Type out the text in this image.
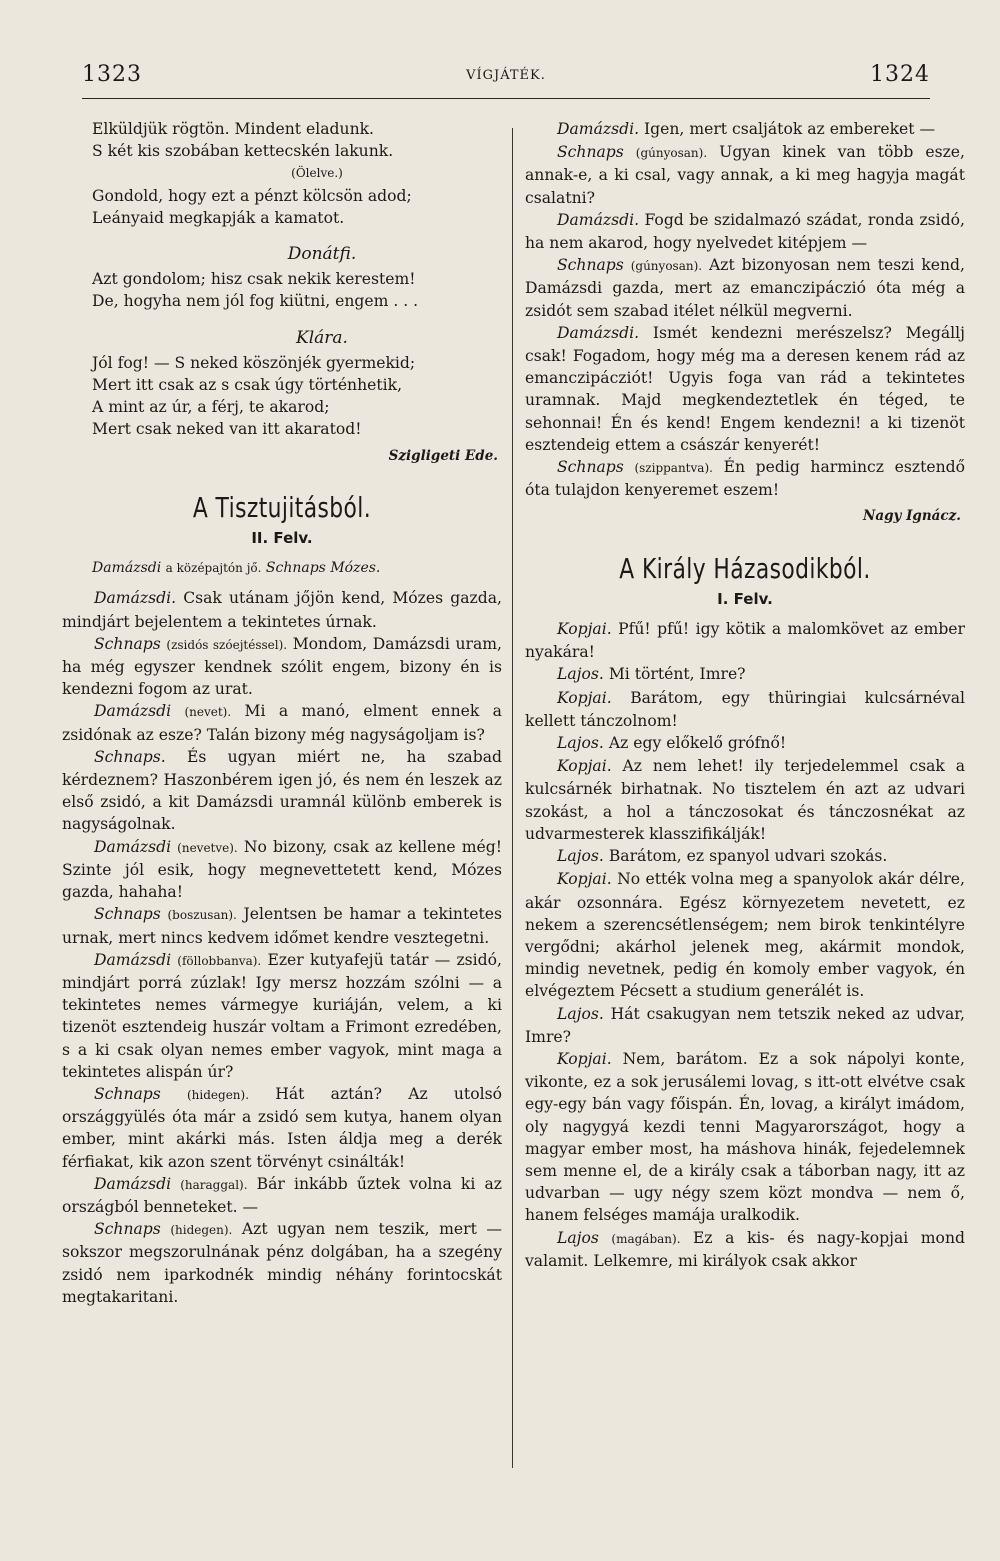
1323	VÍGJÁTÉK.	1324
Elküldjük rögtön. Mindent eladunk.
S két kis szobában kettecskén lakunk.
(Ölelve.)
Gondold, hogy ezt a pénzt kölcsön adod;
Leányaid megkapják a kamatot.
Donátfi.
Azt gondolom; hisz csak nekik kerestem!
De, hogyha nem jól fog kiütni, engem . . .
Klára.
Jól fog! — S neked köszönjék gyermekid;
Mert itt csak az s csak úgy történhetik,
A mint az úr, a férj, te akarod;
Mert csak neked van itt akaratod!
Szigligeti Ede.
A Tisztujitásból.
II. Felv.
Damázsdi a középajtón jő. Schnaps Mózes.
Damázsdi. Csak utánam jőjön kend, Mózes gazda, mindjárt bejelentem a tekintetes úrnak.
Schnaps (zsidós szóejtéssel). Mondom, Damázsdi uram, ha még egyszer kendnek szólit engem, bizony én is kendezni fogom az urat.
Damázsdi (nevet). Mi a manó, elment ennek a zsidónak az esze? Talán bizony még nagyságoljam is?
Schnaps. És ugyan miért ne, ha szabad kérdeznem? Haszonbérem igen jó, és nem én leszek az első zsidó, a kit Damázsdi uramnál különb emberek is nagyságolnak.
Damázsdi (nevetve). No bizony, csak az kellene még! Szinte jól esik, hogy megnevettetett kend, Mózes gazda, hahaha!
Schnaps (boszusan). Jelentsen be hamar a tekintetes urnak, mert nincs kedvem időmet kendre vesztegetni.
Damázsdi (föllobbanva). Ezer kutyafejü tatár — zsidó, mindjárt porrá zúzlak! Igy mersz hozzám szólni — a tekintetes nemes vármegye kuriáján, velem, a ki tizenöt esztendeig huszár voltam a Frimont ezredében, s a ki csak olyan nemes ember vagyok, mint maga a tekintetes alispán úr?
Schnaps (hidegen). Hát aztán? Az utolsó országgyülés óta már a zsidó sem kutya, hanem olyan ember, mint akárki más. Isten áldja meg a derék férfiakat, kik azon szent törvényt csinálták!
Damázsdi (haraggal). Bár inkább űztek volna ki az országból benneteket. —
Schnaps (hidegen). Azt ugyan nem teszik, mert — sokszor megszorulnának pénz dolgában, ha a szegény zsidó nem iparkodnék mindig néhány forintocskát megtakaritani.
Damázsdi. Igen, mert csaljátok az embereket —
Schnaps (gúnyosan). Ugyan kinek van több esze, annak-e, a ki csal, vagy annak, a ki meg hagyja magát csalatni?
Damázsdi. Fogd be szidalmazó szádat, ronda zsidó, ha nem akarod, hogy nyelvedet kitépjem —
Schnaps (gúnyosan). Azt bizonyosan nem teszi kend, Damázsdi gazda, mert az emanczipáczió óta még a zsidót sem szabad itélet nélkül megverni.
Damázsdi. Ismét kendezni merészelsz? Megállj csak! Fogadom, hogy még ma a deresen kenem rád az emanczipácziót! Ugyis foga van rád a tekintetes uramnak. Majd megkendeztetlek én téged, te sehonnai! Én és kend! Engem kendezni! a ki tizenöt esztendeig ettem a császár kenyerét!
Schnaps (szippantva). Én pedig harmincz esztendő óta tulajdon kenyeremet eszem!
Nagy Ignácz.
A Király Házasodikból.
I. Felv.
Kopjai. Pfű! pfű! igy kötik a malomkövet az ember nyakára!
Lajos. Mi történt, Imre?
Kopjai. Barátom, egy thüringiai kulcsárnéval kellett tánczolnom!
Lajos. Az egy előkelő grófnő!
Kopjai. Az nem lehet! ily terjedelemmel csak a kulcsárnék birhatnak. No tisztelem én azt az udvari szokást, a hol a tánczosokat és tánczosnékat az udvarmesterek klasszifikálják!
Lajos. Barátom, ez spanyol udvari szokás.
Kopjai. No ették volna meg a spanyolok akár délre, akár ozsonnára. Egész környezetem nevetett, ez nekem a szerencsétlenségem; nem birok tenkintélyre vergődni; akárhol jelenek meg, akármit mondok, mindig nevetnek, pedig én komoly ember vagyok, én elvégeztem Pécsett a studium generálét is.
Lajos. Hát csakugyan nem tetszik neked az udvar, Imre?
Kopjai. Nem, barátom. Ez a sok nápolyi konte, vikonte, ez a sok jerusálemi lovag, s itt-ott elvétve csak egy-egy bán vagy főispán. Én, lovag, a királyt imádom, oly nagygyá kezdi tenni Magyarországot, hogy a magyar ember most, ha máshova hinák, fejedelemnek sem menne el, de a király csak a táborban nagy, itt az udvarban — ugy négy szem közt mondva — nem ő, hanem felséges mamája uralkodik.
Lajos (magában). Ez a kis- és nagy-kopjai mond valamit. Lelkemre, mi királyok csak akkor
